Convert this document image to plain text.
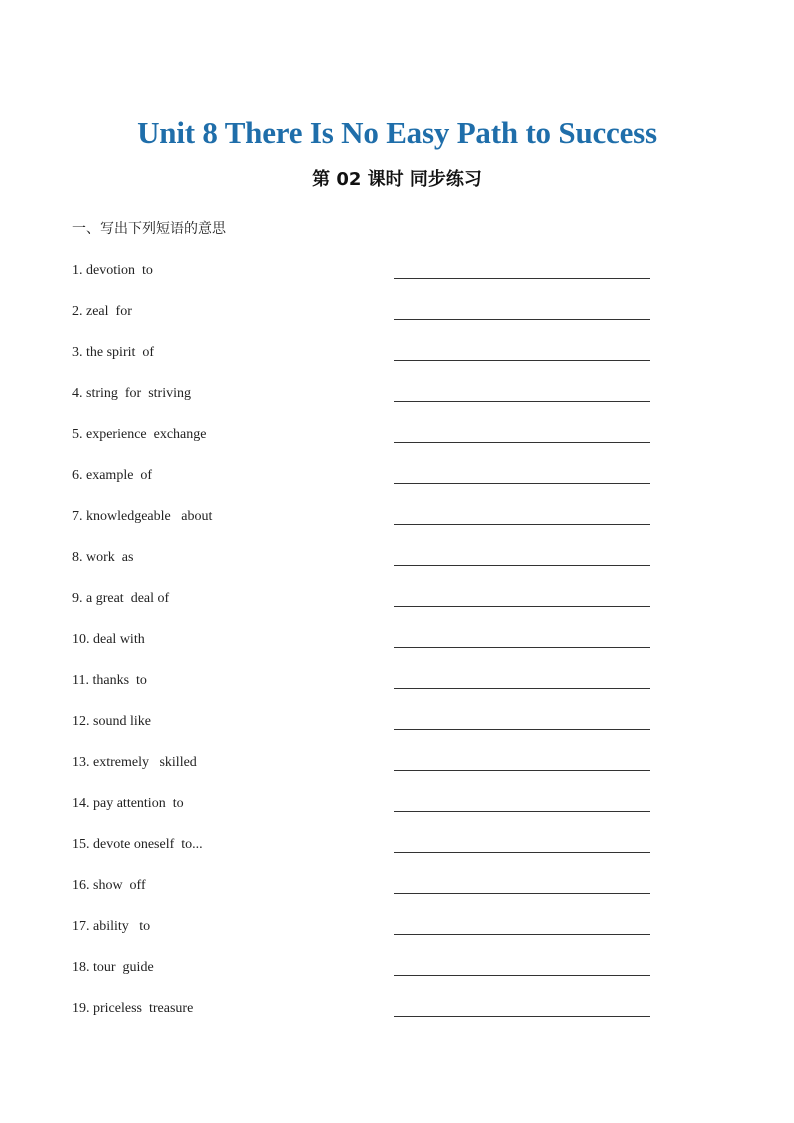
Unit 8 There Is No Easy Path to Success
第 02 课时 同步练习
一、写出下列短语的意思
1. devotion  to
2. zeal  for
3. the spirit  of
4. string  for  striving
5. experience  exchange
6. example  of
7. knowledgeable   about
8. work  as
9. a great  deal of
10. deal with
11. thanks  to
12. sound like
13. extremely   skilled
14. pay attention  to
15. devote oneself  to...
16. show  off
17. ability   to
18. tour  guide
19. priceless  treasure
